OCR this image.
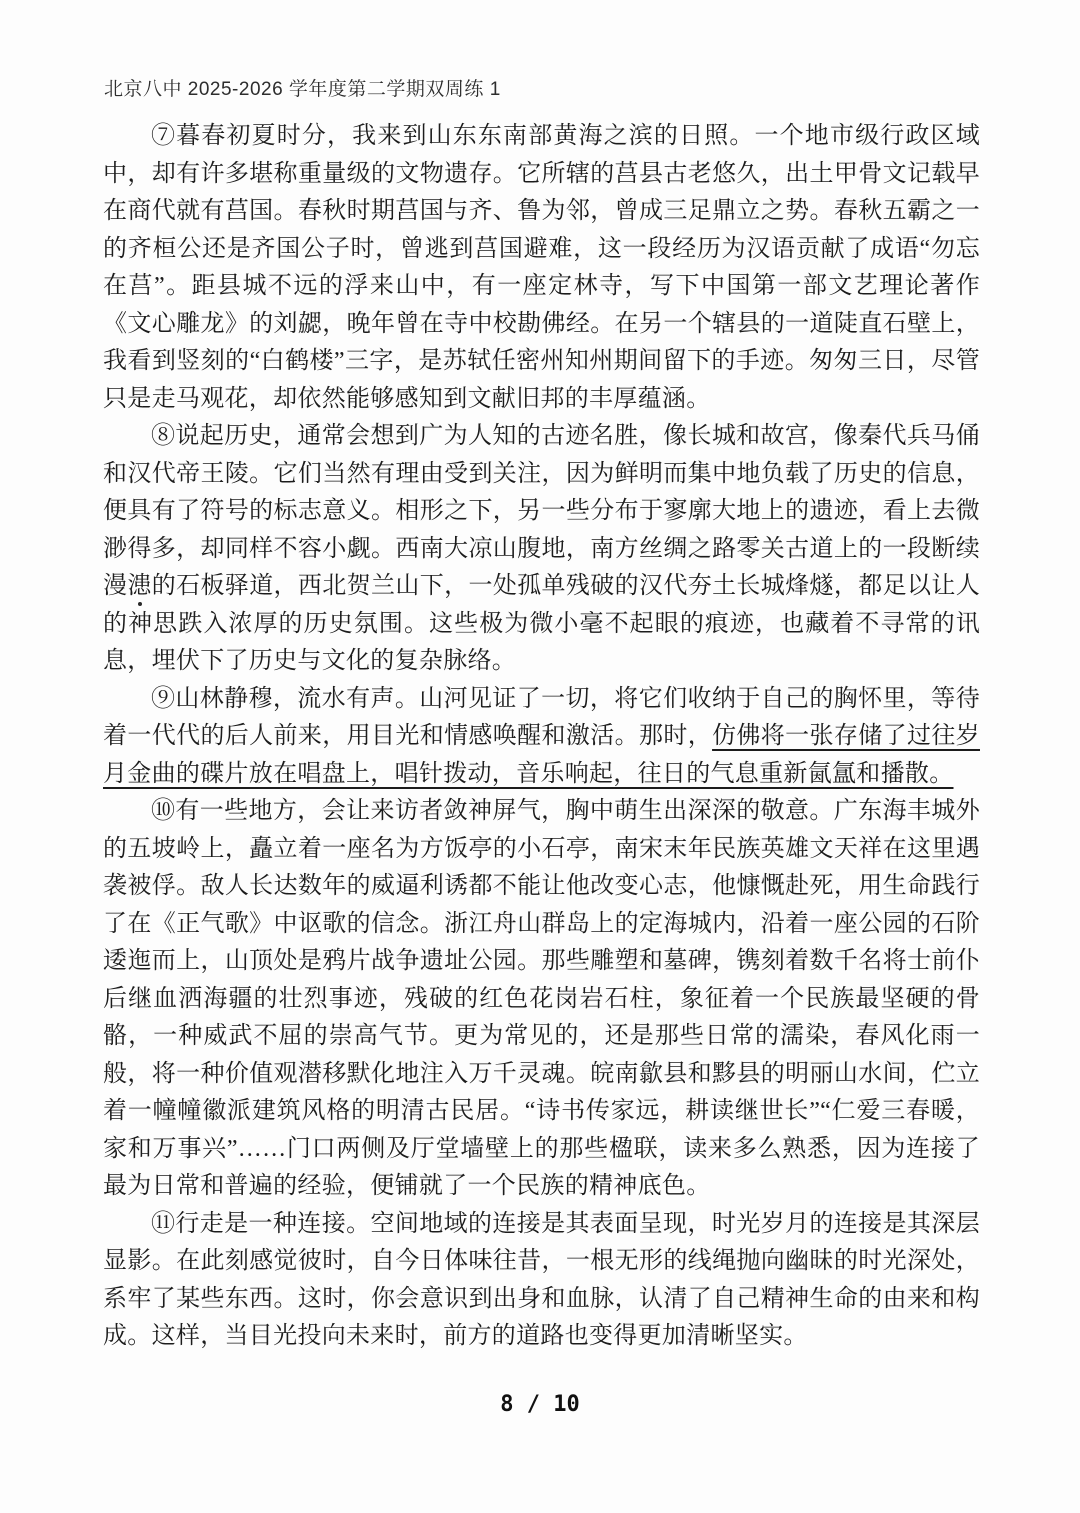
北京八中 2025-2026 学年度第二学期双周练 1

⑦暮春初夏时分，我来到山东东南部黄海之滨的日照。一个地市级行政区域中，却有许多堪称重量级的文物遗存。它所辖的莒县古老悠久，出土甲骨文记载早在商代就有莒国。春秋时期莒国与齐、鲁为邻，曾成三足鼎立之势。春秋五霸之一的齐桓公还是齐国公子时，曾逃到莒国避难，这一段经历为汉语贡献了成语“勿忘在莒”。距县城不远的浮来山中，有一座定林寺，写下中国第一部文艺理论著作《文心雕龙》的刘勰，晚年曾在寺中校勘佛经。在另一个辖县的一道陡直石壁上，我看到竖刻的“白鹤楼”三字，是苏轼任密州知州期间留下的手迹。匆匆三日，尽管只是走马观花，却依然能够感知到文献旧邦的丰厚蕴涵。

⑧说起历史，通常会想到广为人知的古迹名胜，像长城和故宫，像秦代兵马俑和汉代帝王陵。它们当然有理由受到关注，因为鲜明而集中地负载了历史的信息，便具有了符号的标志意义。相形之下，另一些分布于寥廓大地上的遗迹，看上去微渺得多，却同样不容小觑。西南大凉山腹地，南方丝绸之路零关古道上的一段断续漫漶的石板驿道，西北贺兰山下，一处孤单残破的汉代夯土长城烽燧，都足以让人的神思跌入浓厚的历史氛围。这些极为微小毫不起眼的痕迹，也藏着不寻常的讯息，埋伏下了历史与文化的复杂脉络。

⑨山林静穆，流水有声。山河见证了一切，将它们收纳于自己的胸怀里，等待着一代代的后人前来，用目光和情感唤醒和激活。那时，仿佛将一张存储了过往岁月金曲的碟片放在唱盘上，唱针拨动，音乐响起，往日的气息重新氤氲和播散。

⑩有一些地方，会让来访者敛神屏气，胸中萌生出深深的敬意。广东海丰城外的五坡岭上，矗立着一座名为方饭亭的小石亭，南宋末年民族英雄文天祥在这里遇袭被俘。敌人长达数年的威逼利诱都不能让他改变心志，他慷慨赴死，用生命践行了在《正气歌》中讴歌的信念。浙江舟山群岛上的定海城内，沿着一座公园的石阶逶迤而上，山顶处是鸦片战争遗址公园。那些雕塑和墓碑，镌刻着数千名将士前仆后继血洒海疆的壮烈事迹，残破的红色花岗岩石柱，象征着一个民族最坚硬的骨骼，一种威武不屈的崇高气节。更为常见的，还是那些日常的濡染，春风化雨一般，将一种价值观潜移默化地注入万千灵魂。皖南歙县和黟县的明丽山水间，伫立着一幢幢徽派建筑风格的明清古民居。“诗书传家远，耕读继世长”“仁爱三春暖，家和万事兴”……门口两侧及厅堂墙壁上的那些楹联，读来多么熟悉，因为连接了最为日常和普遍的经验，便铺就了一个民族的精神底色。

⑪行走是一种连接。空间地域的连接是其表面呈现，时光岁月的连接是其深层显影。在此刻感觉彼时，自今日体味往昔，一根无形的线绳抛向幽昧的时光深处，系牢了某些东西。这时，你会意识到出身和血脉，认清了自己精神生命的由来和构成。这样，当目光投向未来时，前方的道路也变得更加清晰坚实。

8 / 10
